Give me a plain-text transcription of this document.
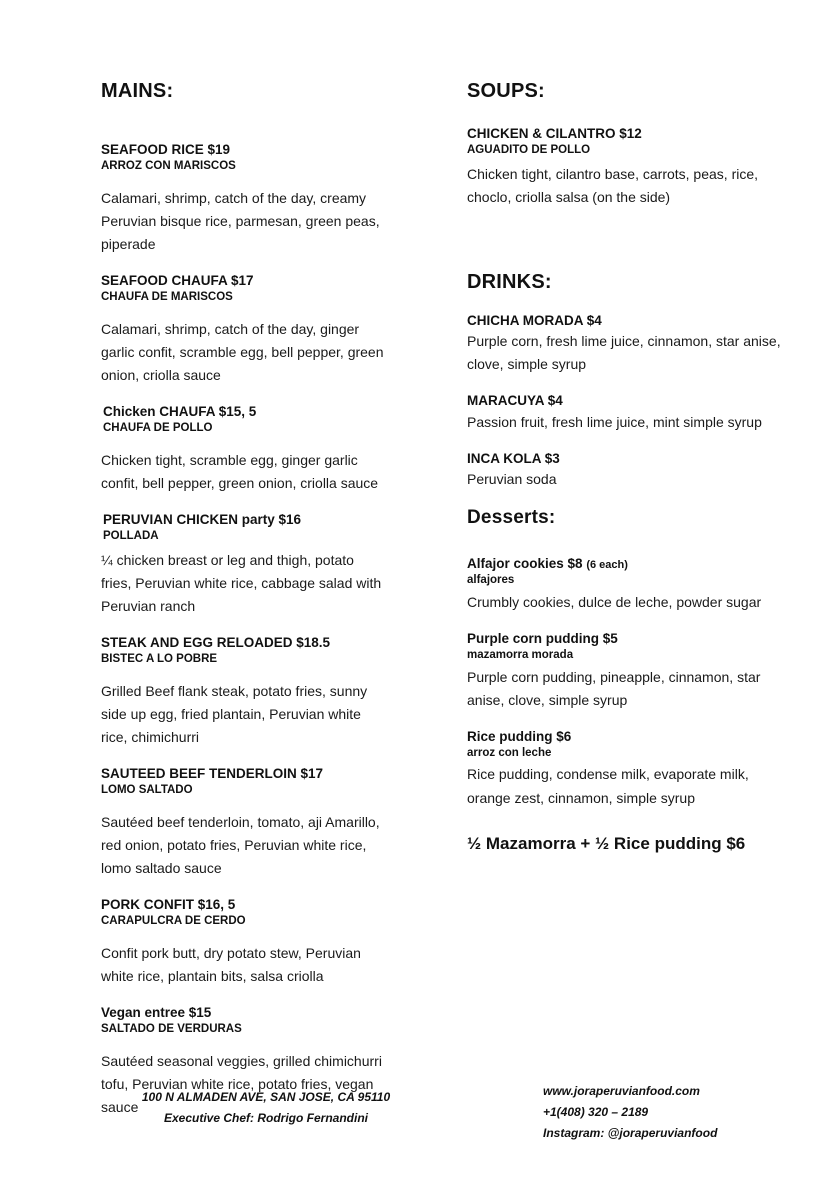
MAINS:

SEAFOOD RICE $19

ARROZ CON MARISCOS

Calamari, shrimp, catch of the day, creamy Peruvian bisque rice, parmesan, green peas, piperade

SEAFOOD CHAUFA $17

CHAUFA DE MARISCOS

Calamari, shrimp, catch of the day, ginger garlic confit, scramble egg, bell pepper, green onion, criolla sauce

Chicken CHAUFA $15, 5

CHAUFA DE POLLO

Chicken tight, scramble egg, ginger garlic confit, bell pepper, green onion, criolla sauce

PERUVIAN CHICKEN party $16

POLLADA

¼ chicken breast or leg and thigh, potato fries, Peruvian white rice, cabbage salad with Peruvian ranch

STEAK AND EGG RELOADED $18.5

BISTEC A LO POBRE

Grilled Beef flank steak, potato fries, sunny side up egg, fried plantain, Peruvian white rice, chimichurri

SAUTEED BEEF TENDERLOIN $17

LOMO SALTADO

Sautéed beef tenderloin, tomato, aji Amarillo, red onion, potato fries, Peruvian white rice, lomo saltado sauce

PORK CONFIT $16, 5

CARAPULCRA DE CERDO

Confit pork butt, dry potato stew, Peruvian white rice, plantain bits, salsa criolla

Vegan entree $15

SALTADO DE VERDURAS

Sautéed seasonal veggies, grilled chimichurri tofu, Peruvian white rice, potato fries, vegan sauce

SOUPS:

CHICKEN & CILANTRO $12

AGUADITO DE POLLO

Chicken tight, cilantro base, carrots, peas, rice, choclo, criolla salsa (on the side)

DRINKS:

CHICHA MORADA $4

Purple corn, fresh lime juice, cinnamon, star anise, clove, simple syrup

MARACUYA $4

Passion fruit, fresh lime juice, mint simple syrup

INCA KOLA $3

Peruvian soda

Desserts:

Alfajor cookies $8 (6 each)

alfajores

Crumbly cookies, dulce de leche, powder sugar

Purple corn pudding $5

mazamorra morada

Purple corn pudding, pineapple, cinnamon, star anise, clove, simple syrup

Rice pudding $6

arroz con leche

Rice pudding, condense milk, evaporate milk, orange zest, cinnamon, simple syrup

½ Mazamorra + ½ Rice pudding $6

100 N ALMADEN AVE, SAN JOSE, CA 95110
Executive Chef: Rodrigo Fernandini
www.joraperuvianfood.com
+1(408) 320 – 2189
Instagram: @joraperuvianfood
